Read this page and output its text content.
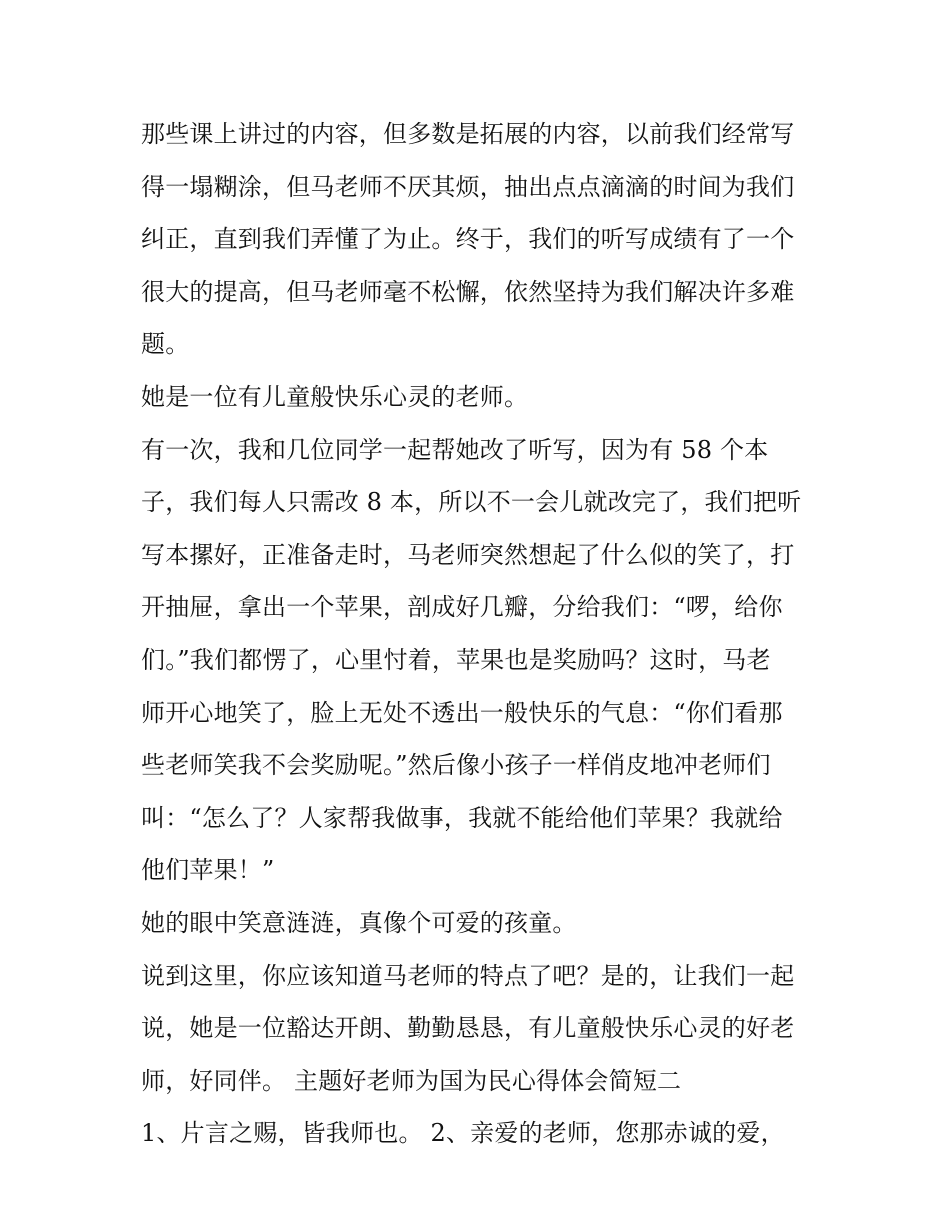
那些课上讲过的内容，但多数是拓展的内容，以前我们经常写
得一塌糊涂，但马老师不厌其烦，抽出点点滴滴的时间为我们
纠正，直到我们弄懂了为止。终于，我们的听写成绩有了一个
很大的提高，但马老师毫不松懈，依然坚持为我们解决许多难
题。
她是一位有儿童般快乐心灵的老师。
有一次，我和几位同学一起帮她改了听写，因为有 58 个本
子，我们每人只需改 8 本，所以不一会儿就改完了，我们把听
写本摞好，正准备走时，马老师突然想起了什么似的笑了，打
开抽屉，拿出一个苹果，剖成好几瓣，分给我们：“啰，给你
们。”我们都愣了，心里忖着，苹果也是奖励吗？这时，马老
师开心地笑了，脸上无处不透出一般快乐的气息：“你们看那
些老师笑我不会奖励呢。”然后像小孩子一样俏皮地冲老师们
叫：“怎么了？人家帮我做事，我就不能给他们苹果？我就给
他们苹果！”
她的眼中笑意涟涟，真像个可爱的孩童。
说到这里，你应该知道马老师的特点了吧？是的，让我们一起
说，她是一位豁达开朗、勤勤恳恳，有儿童般快乐心灵的好老
师，好同伴。 主题好老师为国为民心得体会简短二
1、片言之赐，皆我师也。 2、亲爱的老师，您那赤诚的爱，
